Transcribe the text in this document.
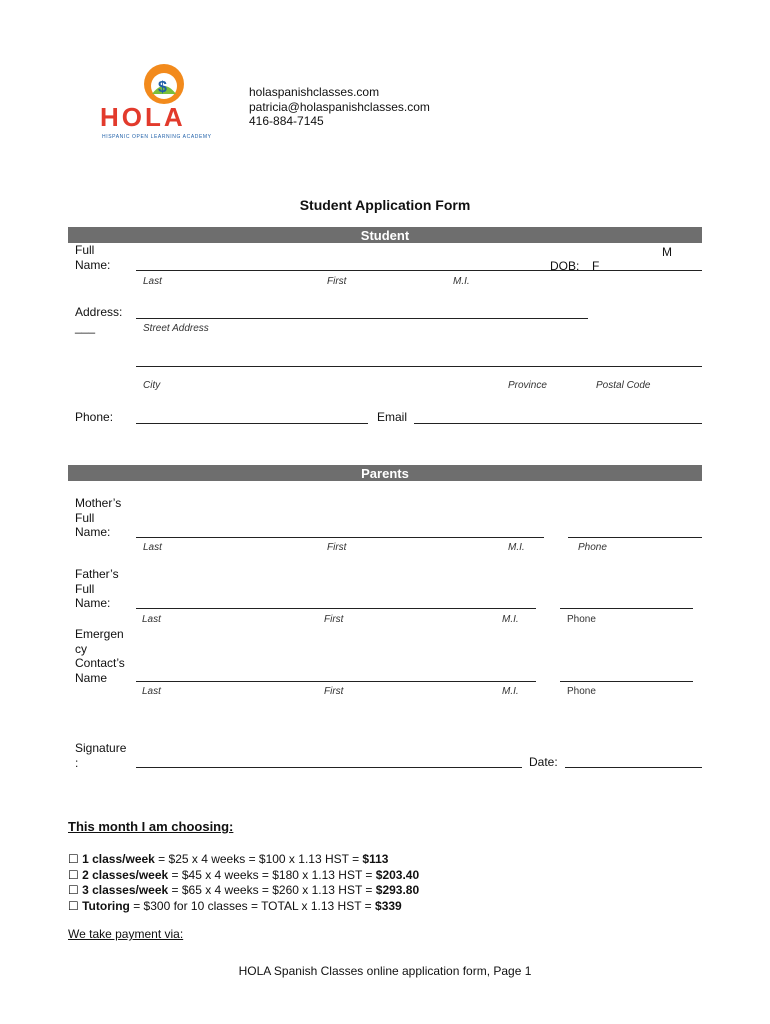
$
HOLA
HISPANIC OPEN LEARNING ACADEMY
holaspanishclasses.com
patricia@holaspanishclasses.com
416-884-7145
Student Application Form
Student
Full
Name:
M
DOB: F
Last	First	M.I.
Address:
___	Street Address
City	Province	Postal Code
Phone:	Email
Parents
Mother’s
Full
Name:
Last	First	M.I.	Phone
Father’s
Full
Name:
Last	First	M.I.	Phone
Emergen
cy
Contact’s
Name
Last	First	M.I.	Phone
Signature
:	Date:
This month I am choosing:
☐ 1 class/week = $25 x 4 weeks = $100 x 1.13 HST = $113
☐ 2 classes/week = $45 x 4 weeks = $180 x 1.13 HST = $203.40
☐ 3 classes/week = $65 x 4 weeks = $260 x 1.13 HST = $293.80
☐ Tutoring = $300 for 10 classes = TOTAL x 1.13 HST = $339
We take payment via:
HOLA Spanish Classes online application form, Page 1
